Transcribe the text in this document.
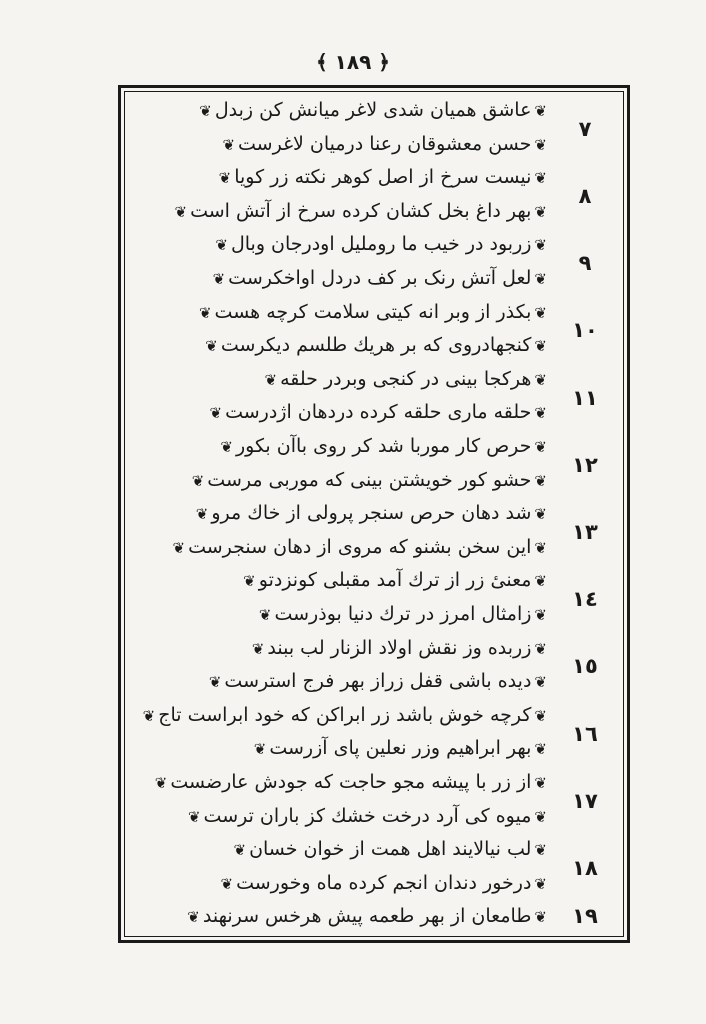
﴾ ۱۸۹ ﴿
❦عاشق همیان شدی لاغر میانش کن زبدل❦
❦حسن معشوقان رعنا درمیان لاغرست❦
٧
❦نیست سرخ از اصل کوهر نکته زر کویا❦
❦بهر داغ بخل کشان کرده سرخ از آتش است❦
٨
❦زربود در خیب ما روملیل اودرجان وبال❦
❦لعل آتش رنک بر کف دردل اواخکرست❦
٩
❦بکذر از وبر انه کیتی سلامت کرچه هست❦
❦کنجهادروی که بر هریك طلسم دیکرست❦
١٠
❦هرکجا بینی در کنجی وبردر حلقه❦
❦حلقه ماری حلقه کرده دردهان اژدرست❦
١١
❦حرص کار موربا شد کر روی باآن بکور❦
❦حشو کور خویشتن بینی که موربی مرست❦
١٢
❦شد دهان حرص سنجر پرولی از خاك مرو❦
❦این سخن بشنو که مروی از دهان سنجرست❦
١٣
❦معنیٔ زر از ترك آمد مقبلی کونزدتو❦
❦زامثال امرز در ترك دنیا بوذرست❦
١٤
❦زربده وز نقش اولاد الزنار لب ببند❦
❦دیده باشی قفل زراز بهر فرج استرست❦
١٥
❦کرچه خوش باشد زر ابراکن که خود ابراست تاج❦
❦بهر ابراهیم وزر نعلین پای آزرست❦
١٦
❦از زر با پیشه مجو حاجت که جودش عارضست❦
❦میوه کی آرد درخت خشك کز باران ترست❦
١٧
❦لب نیالایند اهل همت از خوان خسان❦
❦درخور دندان انجم کرده ماه وخورست❦
١٨
❦طامعان از بهر طعمه پیش هرخس سرنهند❦	١٩
